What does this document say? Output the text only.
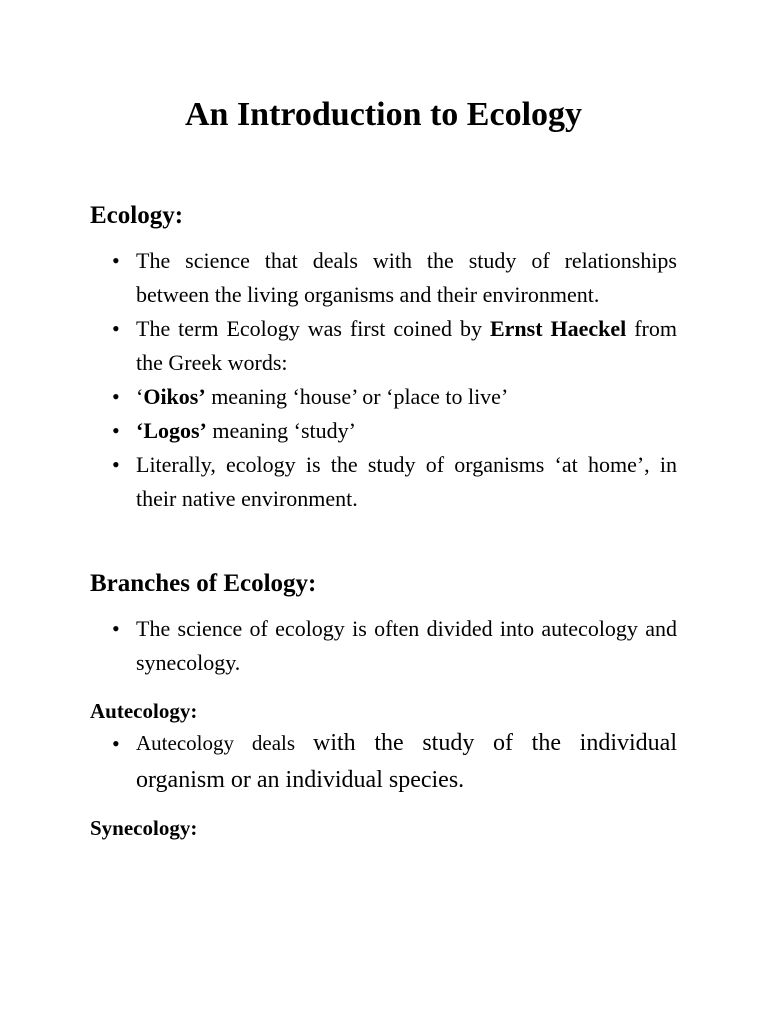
An Introduction to Ecology
Ecology:
• The science that deals with the study of relationships between the living organisms and their environment.
• The term Ecology was first coined by Ernst Haeckel from the Greek words:
• ‘Oikos’ meaning ‘house’ or ‘place to live’
• ‘Logos’ meaning ‘study’
• Literally, ecology is the study of organisms ‘at home’, in their native environment.
Branches of Ecology:
• The science of ecology is often divided into autecology and synecology.
Autecology:
• Autecology deals with the study of the individual organism or an individual species.
Synecology:
